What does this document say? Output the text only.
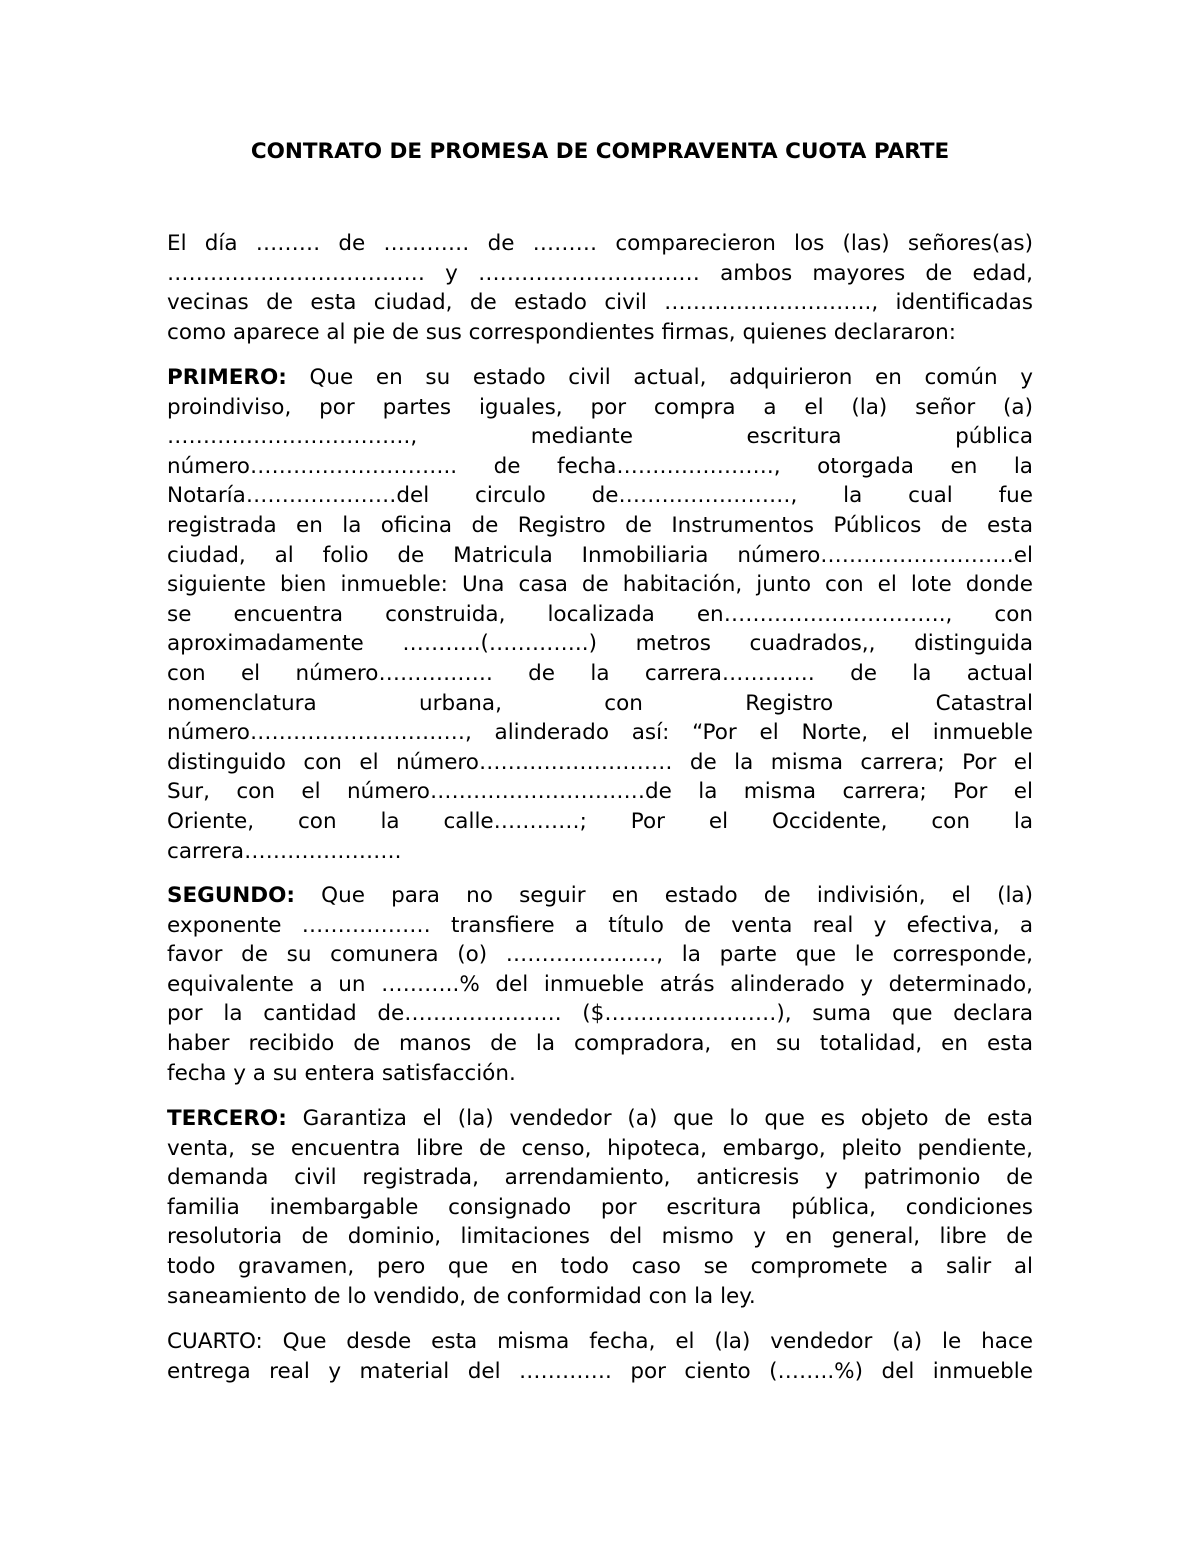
CONTRATO DE PROMESA DE COMPRAVENTA CUOTA PARTE
El día ……… de ………… de ……… comparecieron los (las) señores(as)
……………………………… y ……………………….… ambos mayores de edad,
vecinas de esta ciudad, de estado civil ……………………….., identificadas
como aparece al pie de sus correspondientes firmas, quienes declararon:
PRIMERO: Que en su estado civil actual, adquirieron en común y
proindiviso, por partes iguales, por compra a el (la) señor (a)
……………………………., mediante escritura pública
número……………………….. de fecha…………………., otorgada en la
Notaría…………………del circulo de……………………, la cual fue
registrada en la oficina de Registro de Instrumentos Públicos de esta
ciudad, al folio de Matricula Inmobiliaria número………………………el
siguiente bien inmueble: Una casa de habitación, junto con el lote donde
se encuentra construida, localizada en…………………………., con
aproximadamente ………..(…………..) metros cuadrados,, distinguida
con el número……………. de la carrera…………. de la actual
nomenclatura urbana, con Registro Catastral
número…………………………, alinderado así: “Por el Norte, el inmueble
distinguido con el número……………………… de la misma carrera; Por el
Sur, con el número…………………………de la misma carrera; Por el
Oriente, con la calle…………; Por el Occidente, con la
carrera………………….
SEGUNDO: Que para no seguir en estado de indivisión, el (la)
exponente ……………… transfiere a título de venta real y efectiva, a
favor de su comunera (o) …………………, la parte que le corresponde,
equivalente a un ………..% del inmueble atrás alinderado y determinado,
por la cantidad de…………………. ($……………………), suma que declara
haber recibido de manos de la compradora, en su totalidad, en esta
fecha y a su entera satisfacción.
TERCERO: Garantiza el (la) vendedor (a) que lo que es objeto de esta
venta, se encuentra libre de censo, hipoteca, embargo, pleito pendiente,
demanda civil registrada, arrendamiento, anticresis y patrimonio de
familia inembargable consignado por escritura pública, condiciones
resolutoria de dominio, limitaciones del mismo y en general, libre de
todo gravamen, pero que en todo caso se compromete a salir al
saneamiento de lo vendido, de conformidad con la ley.
CUARTO: Que desde esta misma fecha, el (la) vendedor (a) le hace
entrega real y material del …………. por ciento (……..%) del inmueble
